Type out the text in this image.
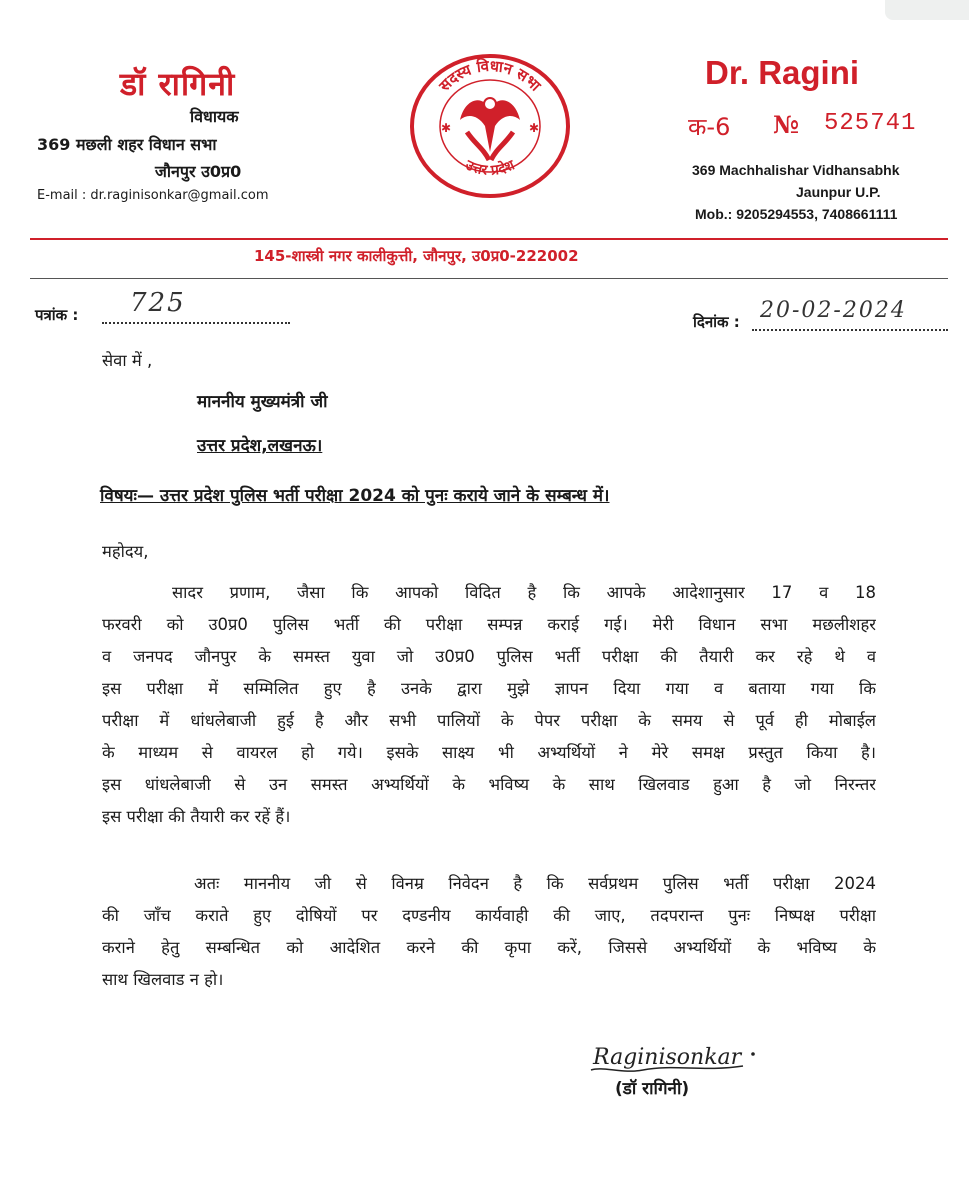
डॉ रागिनी
विधायक
369 मछली शहर विधान सभा
जौनपुर उ0प्र0
E-mail : dr.raginisonkar@gmail.com
सदस्य विधान सभा
उत्तर प्रदेश
✱	✱
Dr. Ragini
क-6 № 525741
369 Machhalishar Vidhansabhk
Jaunpur U.P.
Mob.: 9205294553, 7408661111
145-शास्त्री नगर कालीकुत्ती, जौनपुर, उ0प्र0-222002
पत्रांक : 725
दिनांक : 20-02-2024
सेवा में ,
माननीय मुख्यमंत्री जी
उत्तर प्रदेश,लखनऊ।
विषयः— उत्तर प्रदेश पुलिस भर्ती परीक्षा 2024 को पुनः कराये जाने के सम्बन्ध में।
महोदय,
सादर प्रणाम, जैसा कि आपको विदित है कि आपके आदेशानुसार 17 व 18
फरवरी को उ0प्र0 पुलिस भर्ती की परीक्षा सम्पन्न कराई गई। मेरी विधान सभा मछलीशहर
व जनपद जौनपुर के समस्त युवा जो उ0प्र0 पुलिस भर्ती परीक्षा की तैयारी कर रहे थे व
इस परीक्षा में सम्मिलित हुए है उनके द्वारा मुझे ज्ञापन दिया गया व बताया गया कि
परीक्षा में धांधलेबाजी हुई है और सभी पालियों के पेपर परीक्षा के समय से पूर्व ही मोबाईल
के माध्यम से वायरल हो गये। इसके साक्ष्य भी अभ्यर्थियों ने मेरे समक्ष प्रस्तुत किया है।
इस धांधलेबाजी से उन समस्त अभ्यर्थियों के भविष्य के साथ खिलवाड हुआ है जो निरन्तर
इस परीक्षा की तैयारी कर रहें हैं।
अतः माननीय जी से विनम्र निवेदन है कि सर्वप्रथम पुलिस भर्ती परीक्षा 2024
की जाँच कराते हुए दोषियों पर दण्डनीय कार्यवाही की जाए, तदपरान्त पुनः निष्पक्ष परीक्षा
कराने हेतु सम्बन्धित को आदेशित करने की कृपा करें, जिससे अभ्यर्थियों के भविष्य के
साथ खिलवाड न हो।
Raginisonkar
(डॉ रागिनी)
